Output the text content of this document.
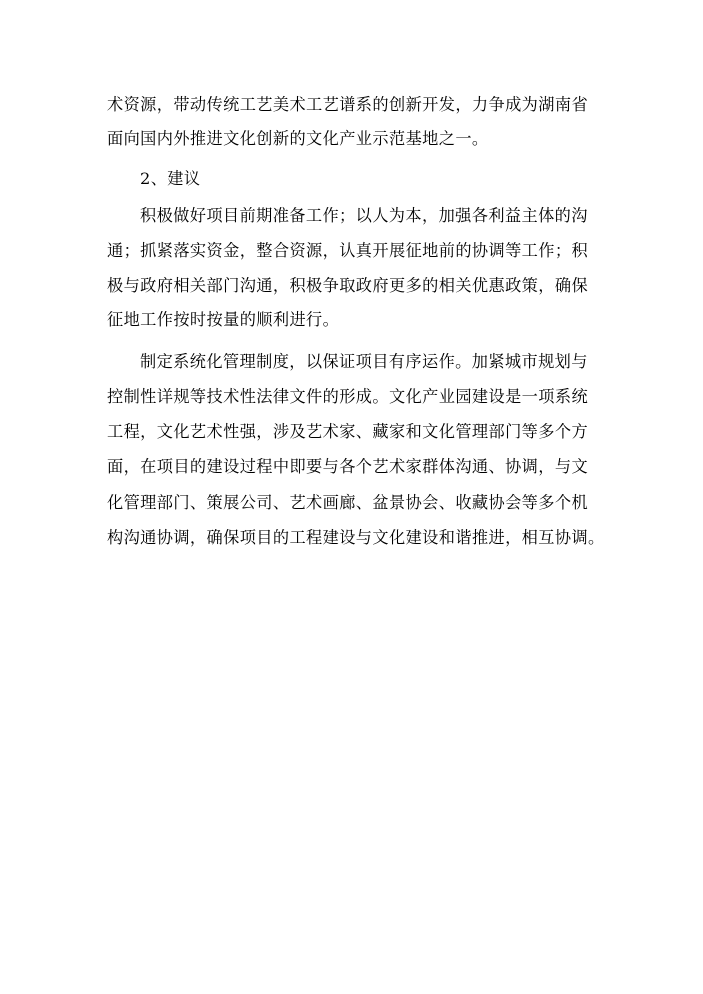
术资源，带动传统工艺美术工艺谱系的创新开发，力争成为湖南省
面向国内外推进文化创新的文化产业示范基地之一。
2、建议
积极做好项目前期准备工作；以人为本，加强各利益主体的沟
通；抓紧落实资金，整合资源，认真开展征地前的协调等工作；积
极与政府相关部门沟通，积极争取政府更多的相关优惠政策，确保
征地工作按时按量的顺利进行。
制定系统化管理制度，以保证项目有序运作。加紧城市规划与
控制性详规等技术性法律文件的形成。文化产业园建设是一项系统
工程，文化艺术性强，涉及艺术家、藏家和文化管理部门等多个方
面，在项目的建设过程中即要与各个艺术家群体沟通、协调，与文
化管理部门、策展公司、艺术画廊、盆景协会、收藏协会等多个机
构沟通协调，确保项目的工程建设与文化建设和谐推进，相互协调。
